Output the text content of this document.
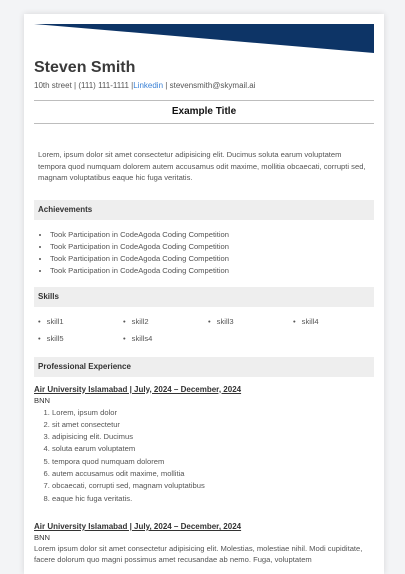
Steven Smith
10th street | (111) 111-1111 |Linkedin | stevensmith@skymail.ai
Example Title
Lorem, ipsum dolor sit amet consectetur adipisicing elit. Ducimus soluta earum voluptatem tempora quod numquam dolorem autem accusamus odit maxime, mollitia obcaecati, corrupti sed, magnam voluptatibus eaque hic fuga veritatis.
Achievements
• Took Participation in CodeAgoda Coding Competition
• Took Participation in CodeAgoda Coding Competition
• Took Participation in CodeAgoda Coding Competition
• Took Participation in CodeAgoda Coding Competition
Skills
• skill1	• skill2	• skill3	• skill4
• skill5	• skills4
Professional Experience
Air University Islamabad | July, 2024 – December, 2024
BNN
1. Lorem, ipsum dolor
2. sit amet consectetur
3. adipisicing elit. Ducimus
4. soluta earum voluptatem
5. tempora quod numquam dolorem
6. autem accusamus odit maxime, mollitia
7. obcaecati, corrupti sed, magnam voluptatibus
8. eaque hic fuga veritatis.
Air University Islamabad | July, 2024 – December, 2024
BNN

Lorem ipsum dolor sit amet consectetur adipisicing elit. Molestias, molestiae nihil. Modi cupiditate, facere dolorum quo magni possimus amet recusandae ab nemo. Fuga, voluptatem
